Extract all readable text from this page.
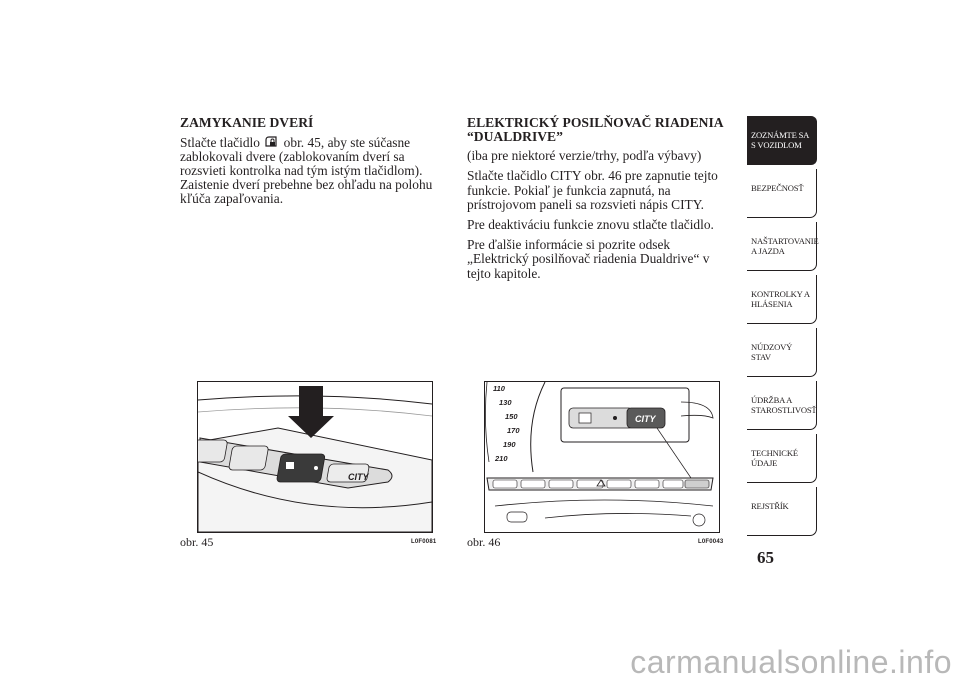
ZAMYKANIE DVERÍ

Stlačte tlačidlo obr. 45, aby ste súčasne zablokovali dvere (zablokovaním dverí sa rozsvieti kontrolka nad tým istým tlačidlom). Zaistenie dverí prebehne bez ohľadu na polohu kľúča zapaľovania.

ELEKTRICKÝ POSILŇOVAČ RIADENIA “DUALDRIVE”

(iba pre niektoré verzie/trhy, podľa výbavy)

Stlačte tlačidlo CITY obr. 46 pre zapnutie tejto funkcie. Pokiaľ je funkcia zapnutá, na prístrojovom paneli sa rozsvieti nápis CITY.

Pre deaktiváciu funkcie znovu stlačte tlačidlo.

Pre ďalšie informácie si pozrite odsek „Elektrický posilňovač riadenia Dualdrive“ v tejto kapitole.

CITY
obr. 45	L0F0081
110
130
150
170
190
210
CITY
obr. 46	L0F0043
ZOZNÁMTE SA S VOZIDLOM
BEZPEČNOSŤ
NAŠTARTOVANIE A JAZDA
KONTROLKY A HLÁSENIA
NÚDZOVÝ STAV
ÚDRŽBA A STAROSTLIVOSŤ
TECHNICKÉ ÚDAJE
REJSTŘÍK
65
carmanualsonline.info
